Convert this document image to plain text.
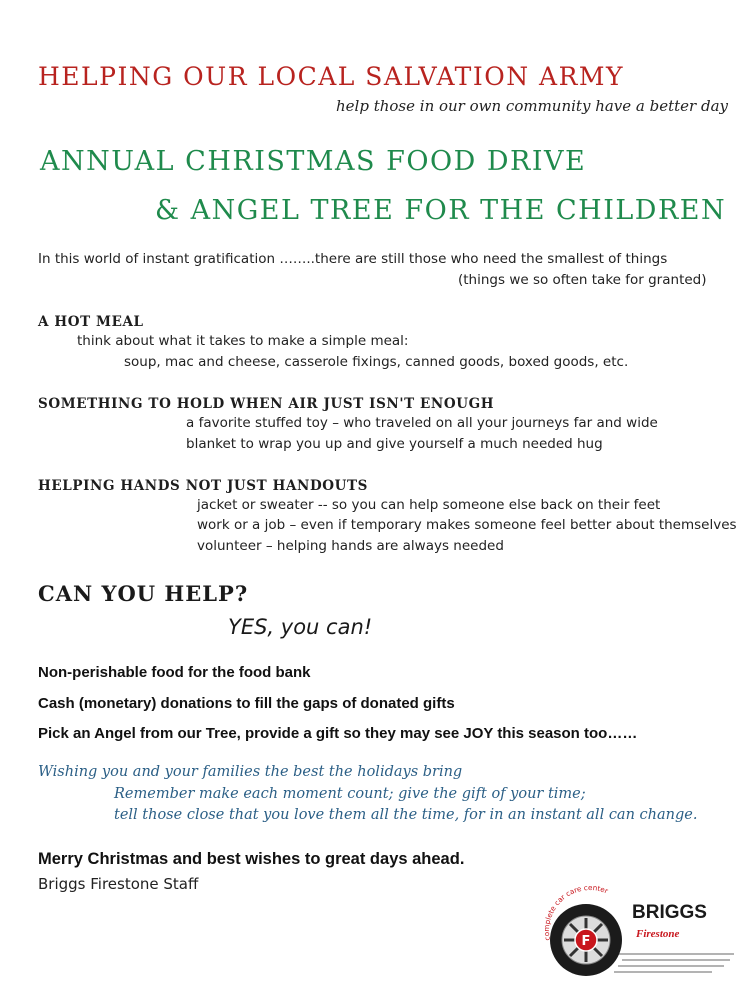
HELPING OUR LOCAL SALVATION ARMY
help those in our own community have a better day
ANNUAL CHRISTMAS FOOD DRIVE
& ANGEL TREE FOR THE CHILDREN
In this world of instant gratification ……..there are still those who need the smallest of things
(things we so often take for granted)
A HOT MEAL
think about what it takes to make a simple meal:
soup, mac and cheese, casserole fixings, canned goods, boxed goods, etc.
SOMETHING TO HOLD WHEN AIR JUST ISN'T ENOUGH
a favorite stuffed toy – who traveled on all your journeys far and wide
blanket to wrap you up and give yourself a much needed hug
HELPING HANDS NOT JUST HANDOUTS
jacket or sweater -- so you can help someone else back on their feet
work or a job – even if temporary makes someone feel better about themselves
volunteer – helping hands are always needed
CAN YOU HELP?
YES, you can!
Non-perishable food for the food bank
Cash (monetary) donations to fill the gaps of donated gifts
Pick an Angel from our Tree, provide a gift so they may see JOY this season too……
Wishing you and your families the best the holidays bring
Remember make each moment count; give the gift of your time;
tell those close that you love them all the time, for in an instant all can change.
Merry Christmas and best wishes to great days ahead.
Briggs Firestone Staff
F
complete car care center
BRIGGS
Firestone
